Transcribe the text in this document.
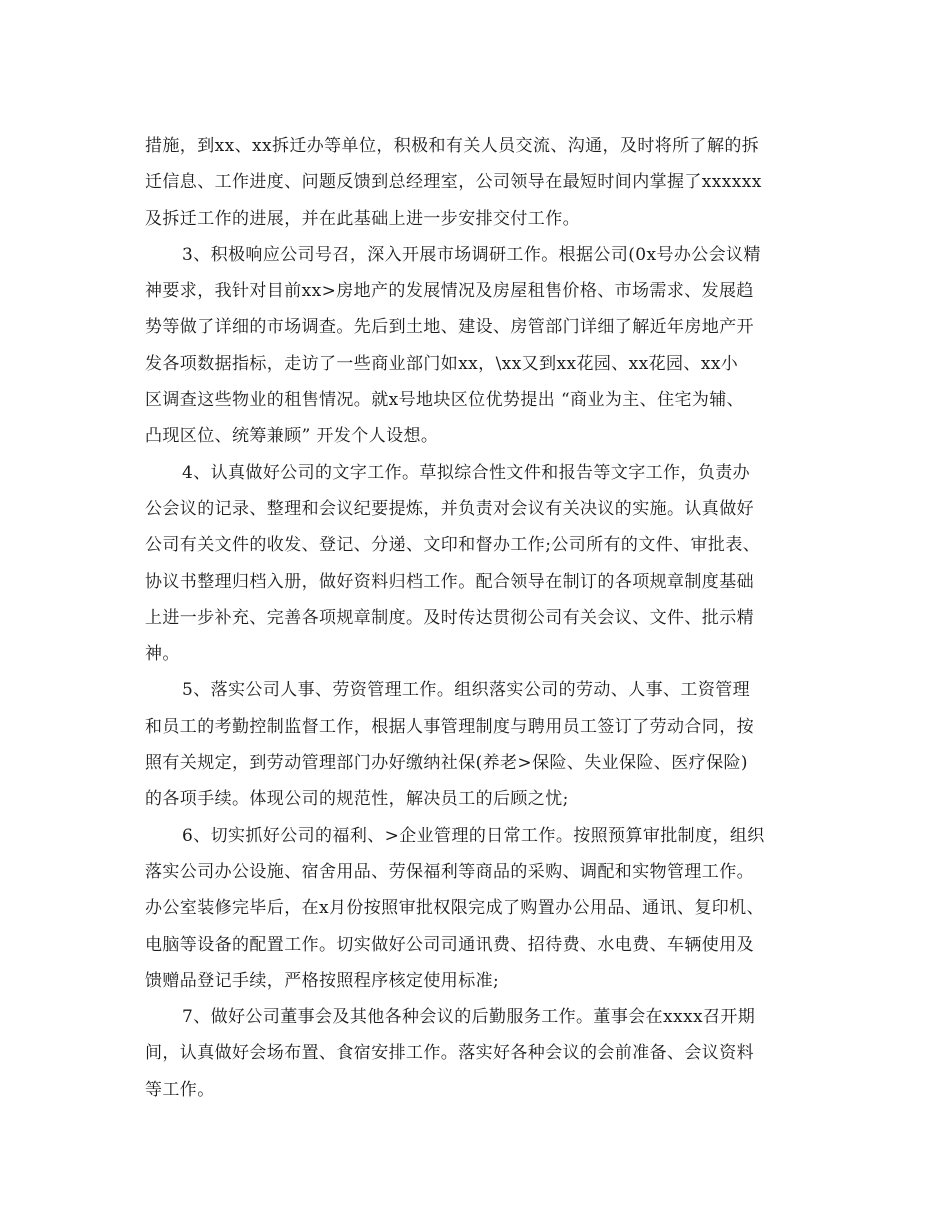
措施，到xx、xx拆迁办等单位，积极和有关人员交流、沟通，及时将所了解的拆
迁信息、工作进度、问题反馈到总经理室，公司领导在最短时间内掌握了xxxxxx
及拆迁工作的进展，并在此基础上进一步安排交付工作。
3、积极响应公司号召，深入开展市场调研工作。根据公司(0x号办公会议精
神要求，我针对目前xx>房地产的发展情况及房屋租售价格、市场需求、发展趋
势等做了详细的市场调查。先后到土地、建设、房管部门详细了解近年房地产开
发各项数据指标，走访了一些商业部门如xx，\xx又到xx花园、xx花园、xx小
区调查这些物业的租售情况。就x号地块区位优势提出 “商业为主、住宅为辅、
凸现区位、统筹兼顾” 开发个人设想。
4、认真做好公司的文字工作。草拟综合性文件和报告等文字工作，负责办
公会议的记录、整理和会议纪要提炼，并负责对会议有关决议的实施。认真做好
公司有关文件的收发、登记、分递、文印和督办工作;公司所有的文件、审批表、
协议书整理归档入册，做好资料归档工作。配合领导在制订的各项规章制度基础
上进一步补充、完善各项规章制度。及时传达贯彻公司有关会议、文件、批示精
神。
5、落实公司人事、劳资管理工作。组织落实公司的劳动、人事、工资管理
和员工的考勤控制监督工作，根据人事管理制度与聘用员工签订了劳动合同，按
照有关规定，到劳动管理部门办好缴纳社保(养老>保险、失业保险、医疗保险)
的各项手续。体现公司的规范性，解决员工的后顾之忧;
6、切实抓好公司的福利、>企业管理的日常工作。按照预算审批制度，组织
落实公司办公设施、宿舍用品、劳保福利等商品的采购、调配和实物管理工作。
办公室装修完毕后，在x月份按照审批权限完成了购置办公用品、通讯、复印机、
电脑等设备的配置工作。切实做好公司司通讯费、招待费、水电费、车辆使用及
馈赠品登记手续，严格按照程序核定使用标准;
7、做好公司董事会及其他各种会议的后勤服务工作。董事会在xxxx召开期
间，认真做好会场布置、食宿安排工作。落实好各种会议的会前准备、会议资料
等工作。
